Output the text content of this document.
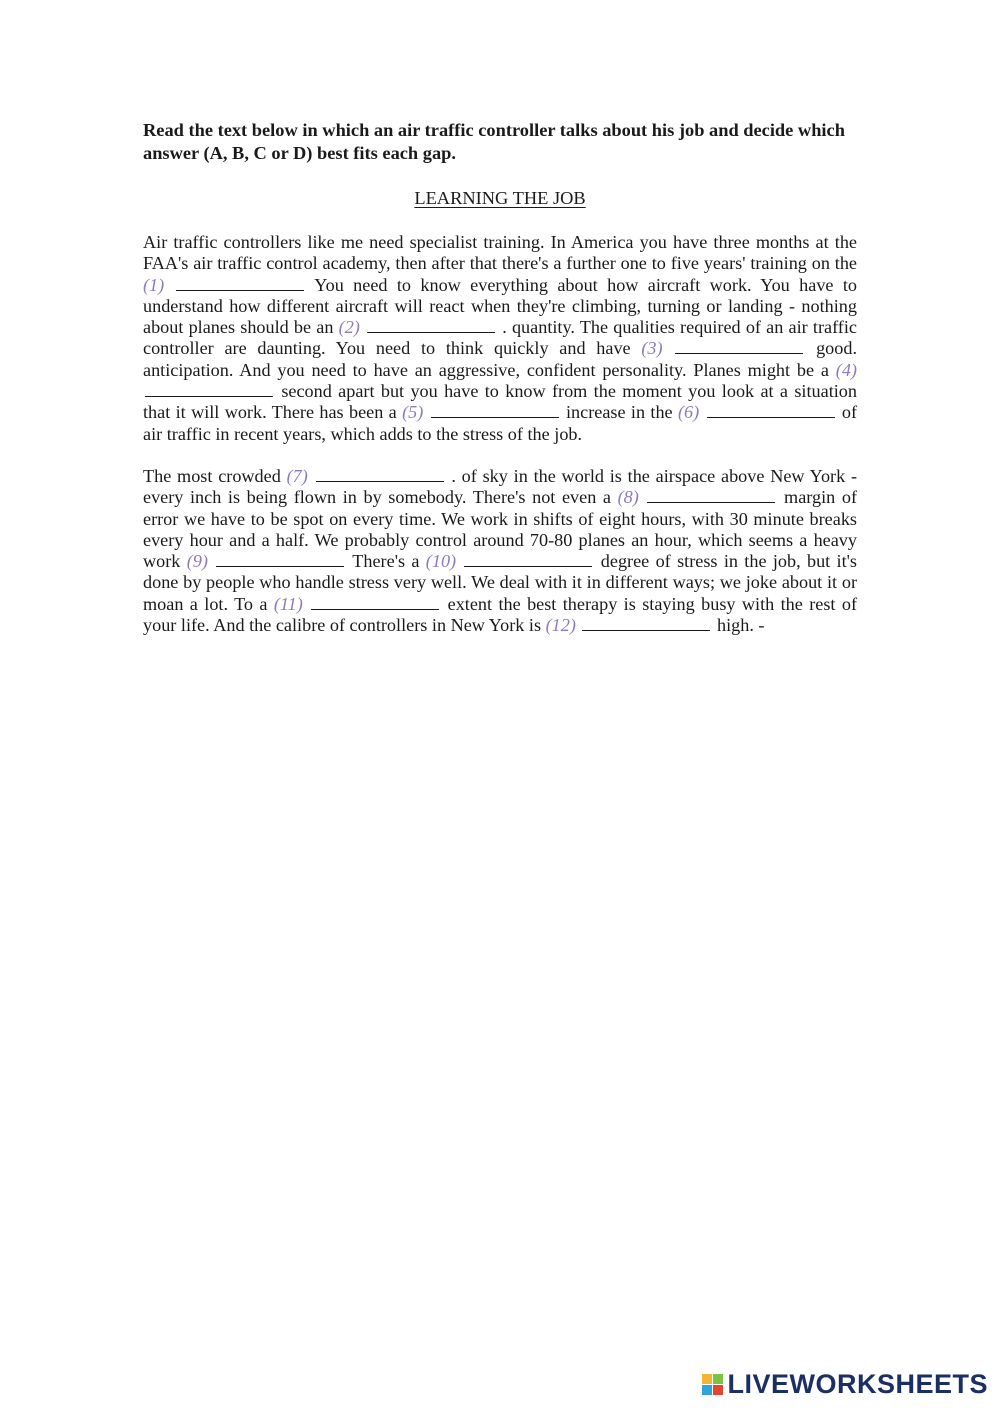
Read the text below in which an air traffic controller talks about his job and decide which answer (A, B, C or D) best fits each gap.

LEARNING THE JOB

Air traffic controllers like me need specialist training. In America you have three months at the FAA's air traffic control academy, then after that there's a further one to five years' training on the (1)	You need to know everything about how aircraft work. You have to understand how different aircraft will react when they're climbing, turning or landing - nothing about planes should be an (2)	. quantity. The qualities required of an air traffic controller are daunting. You need to think quickly and have (3)	good. anticipation. And you need to have an aggressive, confident personality. Planes might be a (4)  second apart but you have to know from the moment you look at a situation that it will work. There has been a (5)	increase in the (6)	of air traffic in recent years, which adds to the stress of the job.

The most crowded (7)	. of sky in the world is the airspace above New York - every inch is being flown in by somebody. There's not even a (8)	margin of error we have to be spot on every time. We work in shifts of eight hours, with 30 minute breaks every hour and a half. We probably control around 70-80 planes an hour, which seems a heavy work (9)	There's a (10)	degree of stress in the job, but it's done by people who handle stress very well. We deal with it in different ways; we joke about it or moan a lot. To a (11)	extent the best therapy is staying busy with the rest of your life. And the calibre of controllers in New York is (12)	high. -

LIVEWORKSHEETS
